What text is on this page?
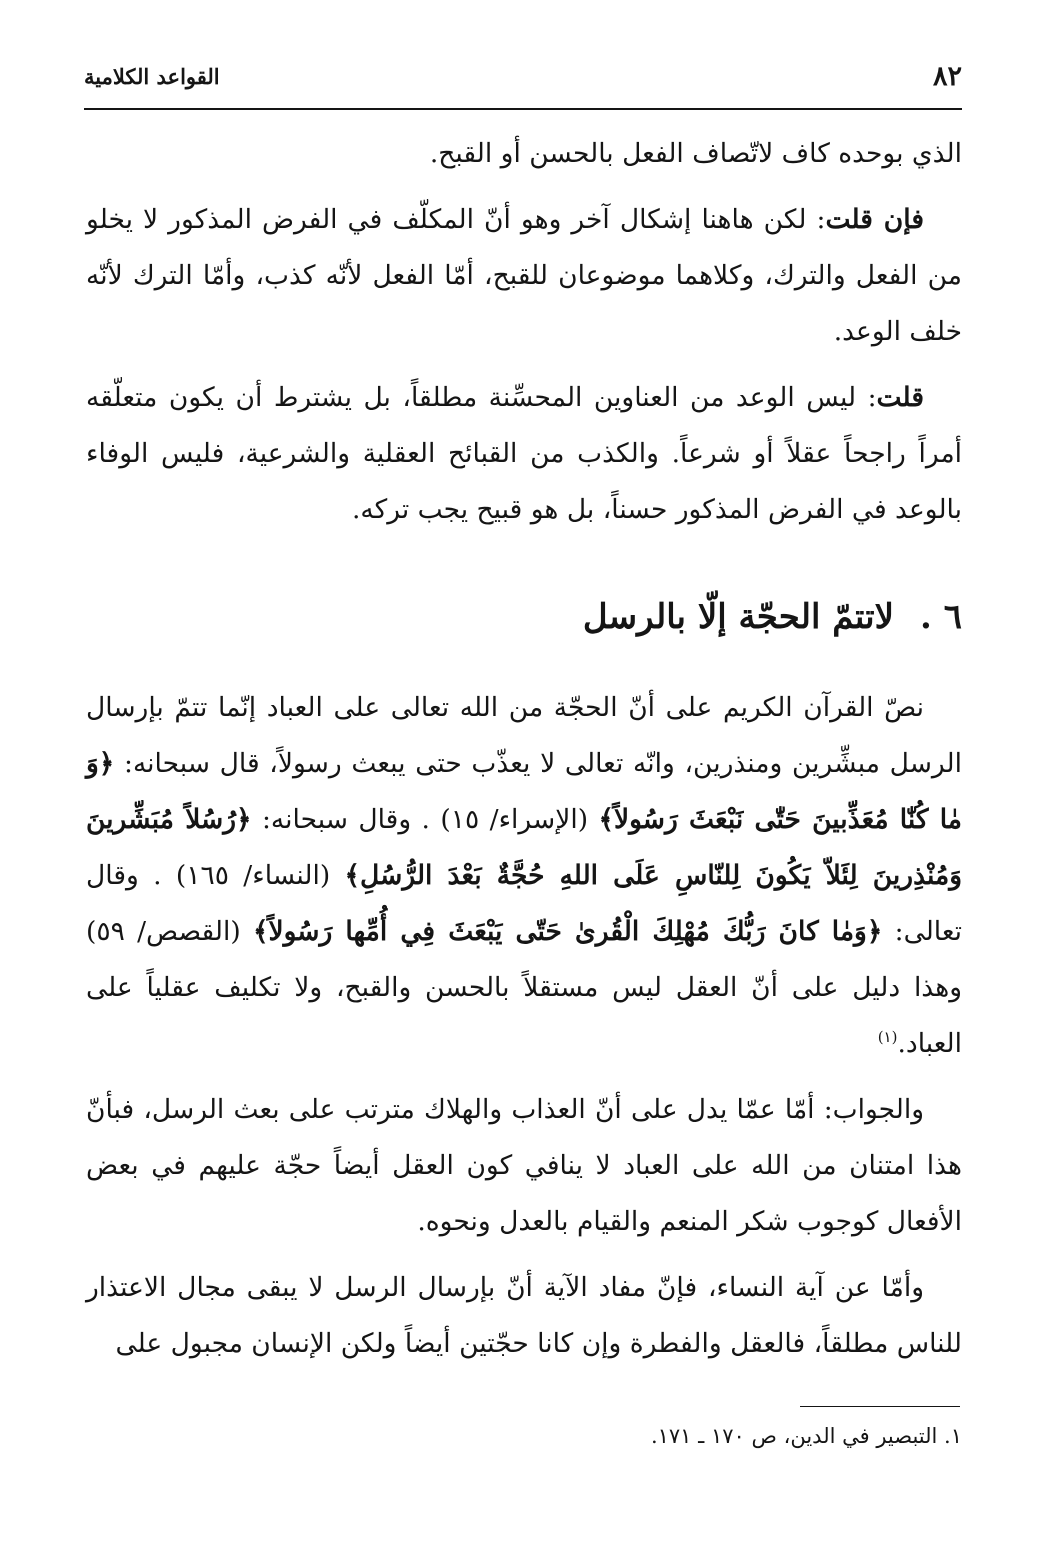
٨٢
القواعد الكلامية

الذي بوحده كاف لاتّصاف الفعل بالحسن أو القبح.

فإن قلت: لكن هاهنا إشكال آخر وهو أنّ المكلّف في الفرض المذكور لا يخلو من الفعل والترك، وكلاهما موضوعان للقبح، أمّا الفعل لأنّه كذب، وأمّا الترك لأنّه خلف الوعد.

قلت: ليس الوعد من العناوين المحسِّنة مطلقاً، بل يشترط أن يكون متعلّقه أمراً راجحاً عقلاً أو شرعاً. والكذب من القبائح العقلية والشرعية، فليس الوفاء بالوعد في الفرض المذكور حسناً، بل هو قبيح يجب تركه.

٦ .لاتتمّ الحجّة إلّا بالرسل

نصّ القرآن الكريم على أنّ الحجّة من الله تعالى على العباد إنّما تتمّ بإرسال الرسل مبشِّرين ومنذرين، وانّه تعالى لا يعذّب حتى يبعث رسولاً، قال سبحانه: ﴿وَ مٰا كُنّٰا مُعَذِّبينَ حَتّٰى نَبْعَثَ رَسُولاً﴾ (الإسراء/ ١٥) . وقال سبحانه: ﴿رُسُلاً مُبَشِّرينَ وَمُنْذِرينَ لِئَلاّ يَكُونَ لِلنّاسِ عَلَى اللهِ حُجَّةٌ بَعْدَ الرُّسُلِ﴾ (النساء/ ١٦٥) . وقال تعالى: ﴿وَمٰا كانَ رَبُّكَ مُهْلِكَ الْقُرىٰ حَتّى يَبْعَثَ فِي أُمِّها رَسُولاً﴾ (القصص/ ٥٩) وهذا دليل على أنّ العقل ليس مستقلاً بالحسن والقبح، ولا تكليف عقلياً على العباد.$^{(١)}$

والجواب: أمّا عمّا يدل على أنّ العذاب والهلاك مترتب على بعث الرسل، فبأنّ هذا امتنان من الله على العباد لا ينافي كون العقل أيضاً حجّة عليهم في بعض الأفعال كوجوب شكر المنعم والقيام بالعدل ونحوه.

وأمّا عن آية النساء، فإنّ مفاد الآية أنّ بإرسال الرسل لا يبقى مجال الاعتذار للناس مطلقاً، فالعقل والفطرة وإن كانا حجّتين أيضاً ولكن الإنسان مجبول على

١. التبصير في الدين، ص ١٧٠ ـ ١٧١.
